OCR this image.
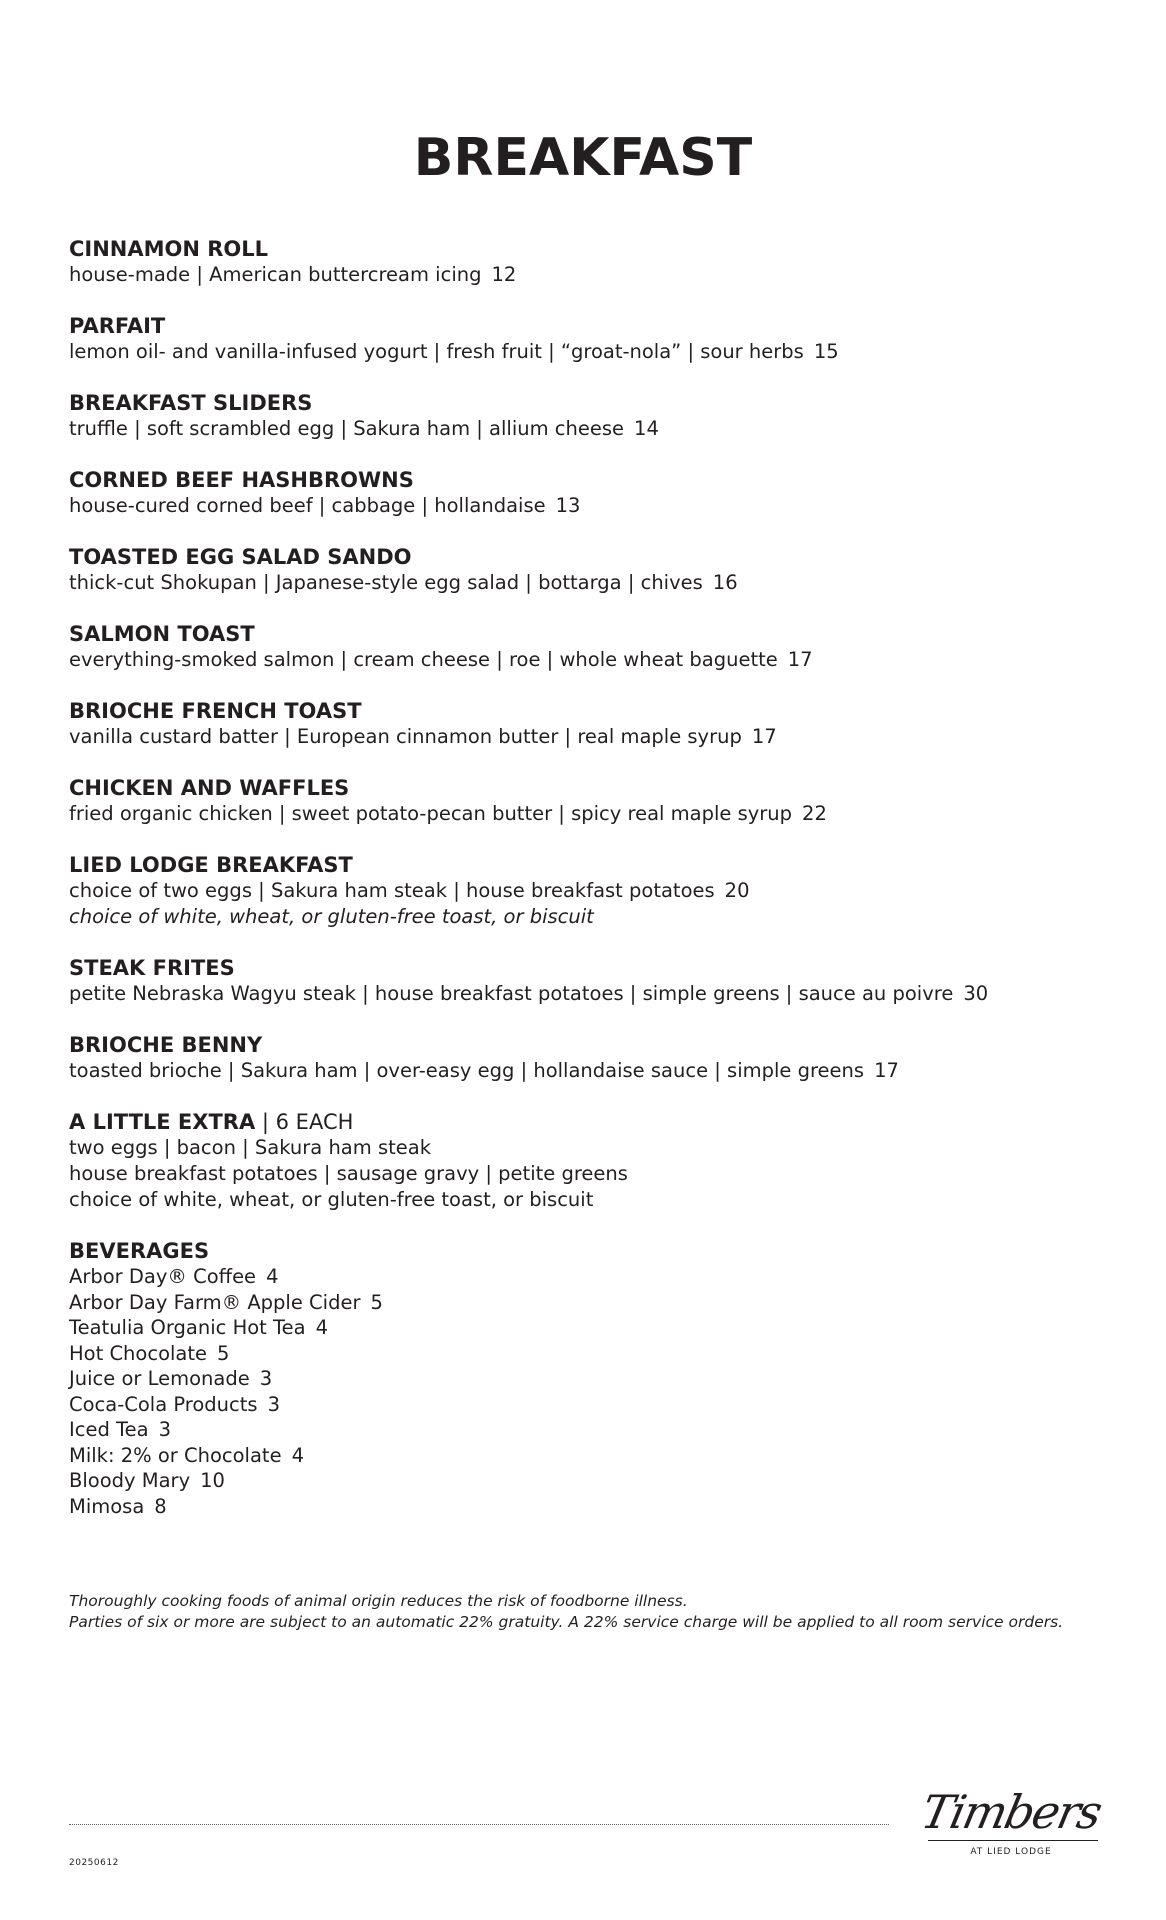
BREAKFAST

CINNAMON ROLL

house-made | American buttercream icing 12

PARFAIT

lemon oil- and vanilla-infused yogurt | fresh fruit | “groat-nola” | sour herbs 15

BREAKFAST SLIDERS

truffle | soft scrambled egg | Sakura ham | allium cheese 14

CORNED BEEF HASHBROWNS

house-cured corned beef | cabbage | hollandaise 13

TOASTED EGG SALAD SANDO

thick-cut Shokupan | Japanese-style egg salad | bottarga | chives 16

SALMON TOAST

everything-smoked salmon | cream cheese | roe | whole wheat baguette 17

BRIOCHE FRENCH TOAST

vanilla custard batter | European cinnamon butter | real maple syrup 17

CHICKEN AND WAFFLES

fried organic chicken | sweet potato-pecan butter | spicy real maple syrup 22

LIED LODGE BREAKFAST

choice of two eggs | Sakura ham steak | house breakfast potatoes 20

choice of white, wheat, or gluten-free toast, or biscuit

STEAK FRITES

petite Nebraska Wagyu steak | house breakfast potatoes | simple greens | sauce au poivre 30

BRIOCHE BENNY

toasted brioche | Sakura ham | over-easy egg | hollandaise sauce | simple greens 17

A LITTLE EXTRA | 6 EACH

two eggs | bacon | Sakura ham steak

house breakfast potatoes | sausage gravy | petite greens

choice of white, wheat, or gluten-free toast, or biscuit

BEVERAGES

Arbor Day® Coffee 4
Arbor Day Farm® Apple Cider 5
Teatulia Organic Hot Tea 4
Hot Chocolate 5
Juice or Lemonade 3
Coca-Cola Products 3
Iced Tea 3
Milk: 2% or Chocolate 4
Bloody Mary 10
Mimosa 8

Thoroughly cooking foods of animal origin reduces the risk of foodborne illness.

Parties of six or more are subject to an automatic 22% gratuity. A 22% service charge will be applied to all room service orders.

20250612
Timbers
AT LIED LODGE
